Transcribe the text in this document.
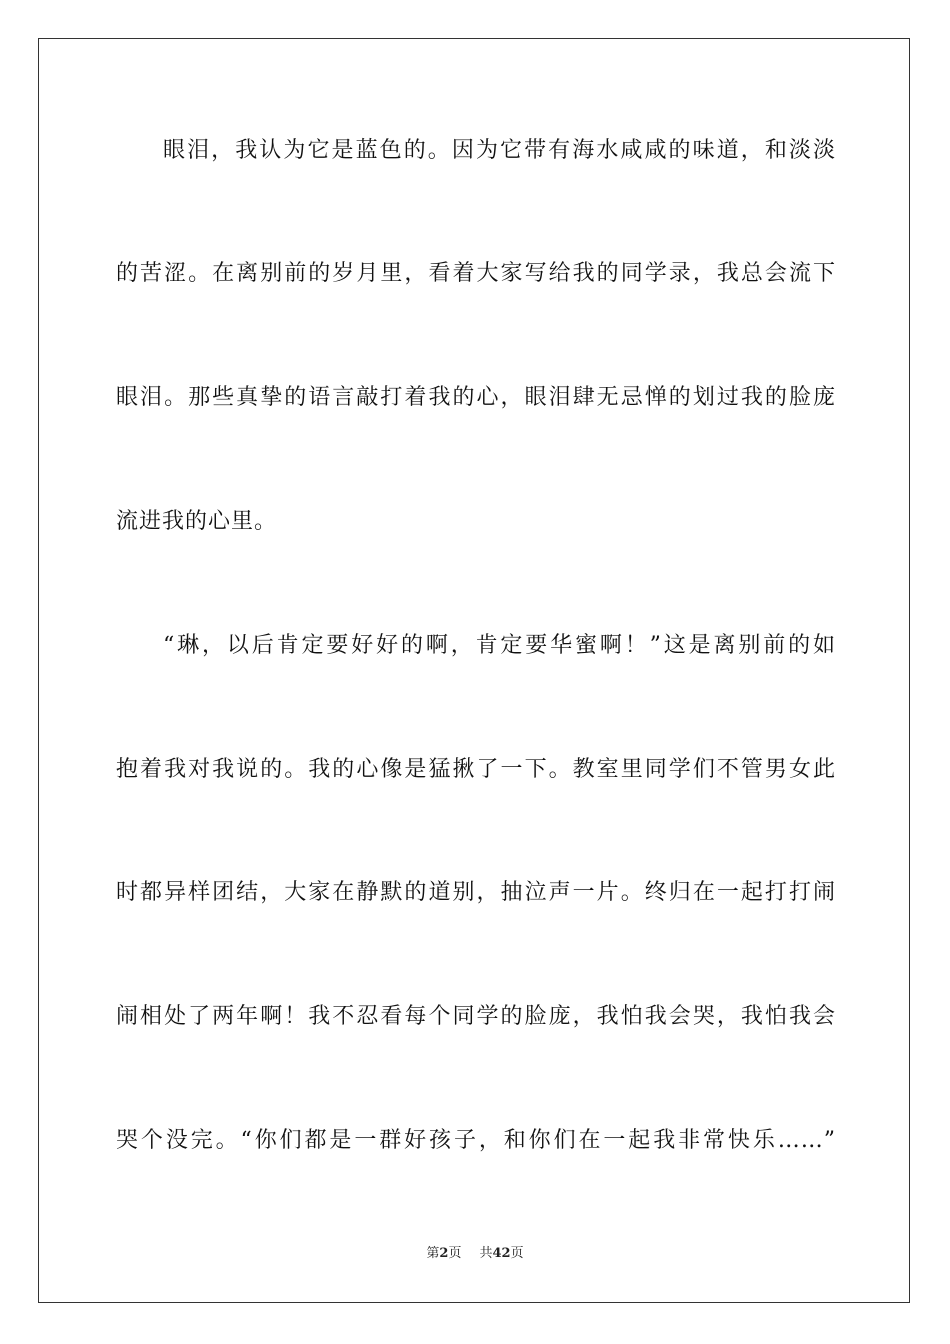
眼泪，我认为它是蓝色的。因为它带有海水咸咸的味道，和淡淡
的苦涩。在离别前的岁月里，看着大家写给我的同学录，我总会流下
眼泪。那些真挚的语言敲打着我的心，眼泪肆无忌惮的划过我的脸庞
流进我的心里。
“琳，以后肯定要好好的啊，肯定要华蜜啊！”这是离别前的如
抱着我对我说的。我的心像是猛揪了一下。教室里同学们不管男女此
时都异样团结，大家在静默的道别，抽泣声一片。终归在一起打打闹
闹相处了两年啊！我不忍看每个同学的脸庞，我怕我会哭，我怕我会
哭个没完。“你们都是一群好孩子，和你们在一起我非常快乐……”
第2页 共42页
